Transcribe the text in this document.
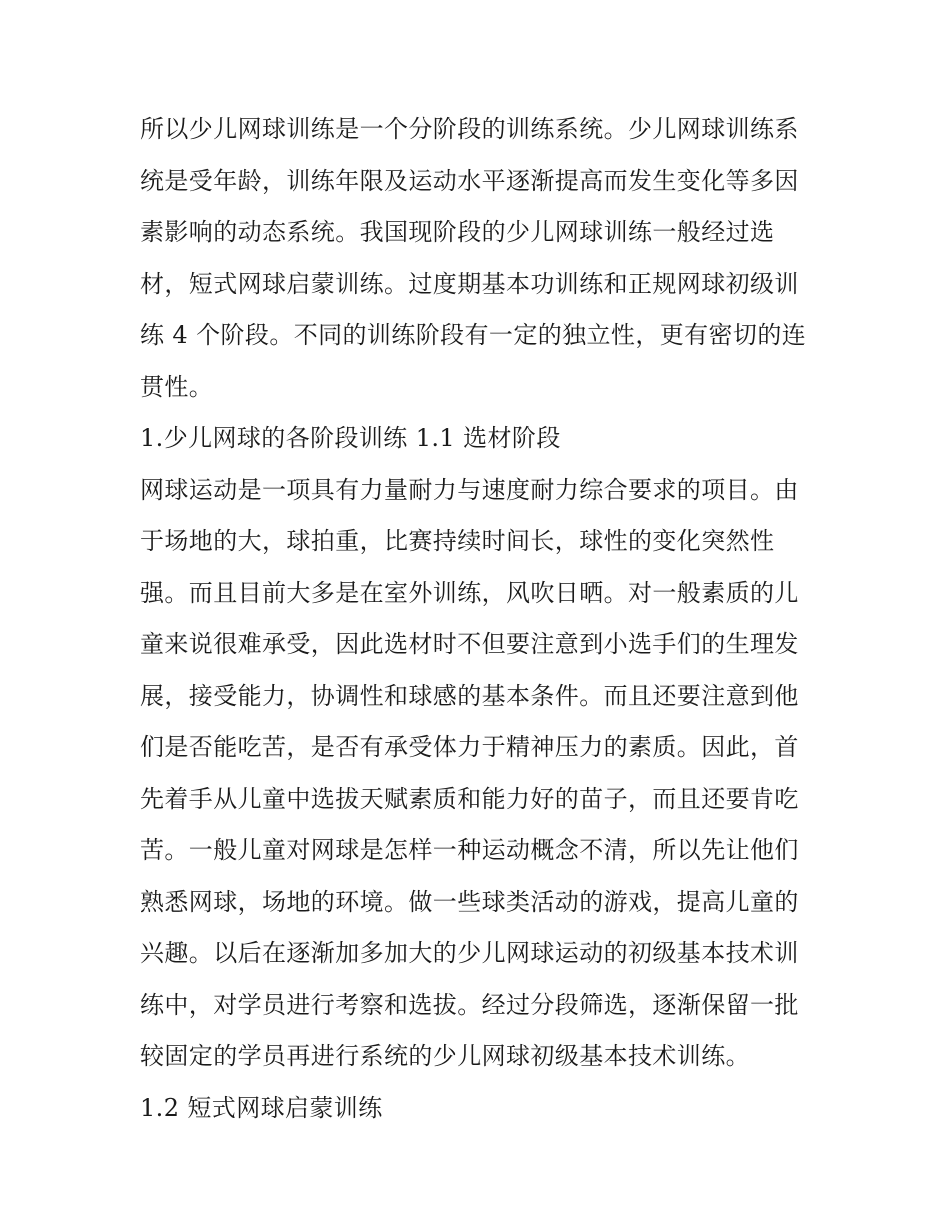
所以少儿网球训练是一个分阶段的训练系统。少儿网球训练系
统是受年龄，训练年限及运动水平逐渐提高而发生变化等多因
素影响的动态系统。我国现阶段的少儿网球训练一般经过选
材，短式网球启蒙训练。过度期基本功训练和正规网球初级训
练 4 个阶段。不同的训练阶段有一定的独立性，更有密切的连
贯性。
1.少儿网球的各阶段训练 1.1 选材阶段
网球运动是一项具有力量耐力与速度耐力综合要求的项目。由
于场地的大，球拍重，比赛持续时间长，球性的变化突然性
强。而且目前大多是在室外训练，风吹日晒。对一般素质的儿
童来说很难承受，因此选材时不但要注意到小选手们的生理发
展，接受能力，协调性和球感的基本条件。而且还要注意到他
们是否能吃苦，是否有承受体力于精神压力的素质。因此，首
先着手从儿童中选拔天赋素质和能力好的苗子，而且还要肯吃
苦。一般儿童对网球是怎样一种运动概念不清，所以先让他们
熟悉网球，场地的环境。做一些球类活动的游戏，提高儿童的
兴趣。以后在逐渐加多加大的少儿网球运动的初级基本技术训
练中，对学员进行考察和选拔。经过分段筛选，逐渐保留一批
较固定的学员再进行系统的少儿网球初级基本技术训练。
1.2 短式网球启蒙训练
